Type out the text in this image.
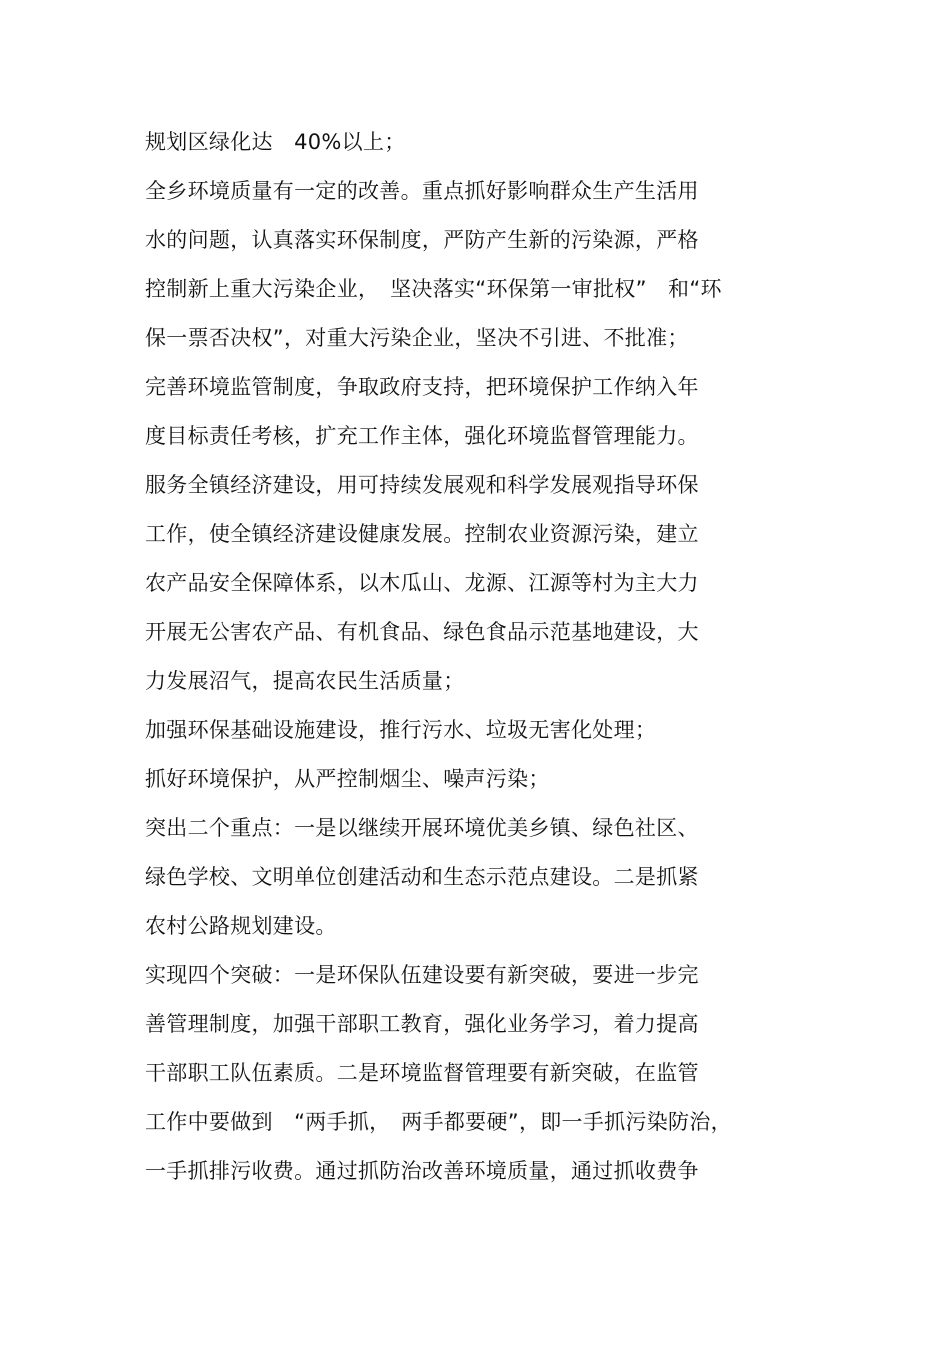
规划区绿化达　40%以上；
全乡环境质量有一定的改善。重点抓好影响群众生产生活用
水的问题，认真落实环保制度，严防产生新的污染源，严格
控制新上重大污染企业，　坚决落实“环保第一审批权”　和“环
保一票否决权”，对重大污染企业，坚决不引进、不批准；
完善环境监管制度，争取政府支持，把环境保护工作纳入年
度目标责任考核，扩充工作主体，强化环境监督管理能力。
服务全镇经济建设，用可持续发展观和科学发展观指导环保
工作，使全镇经济建设健康发展。控制农业资源污染，建立
农产品安全保障体系，以木瓜山、龙源、江源等村为主大力
开展无公害农产品、有机食品、绿色食品示范基地建设，大
力发展沼气，提高农民生活质量；
加强环保基础设施建设，推行污水、垃圾无害化处理；
抓好环境保护，从严控制烟尘、噪声污染；
突出二个重点：一是以继续开展环境优美乡镇、绿色社区、
绿色学校、文明单位创建活动和生态示范点建设。二是抓紧
农村公路规划建设。
实现四个突破：一是环保队伍建设要有新突破，要进一步完
善管理制度，加强干部职工教育，强化业务学习，着力提高
干部职工队伍素质。二是环境监督管理要有新突破，在监管
工作中要做到　“两手抓，　两手都要硬”，即一手抓污染防治，
一手抓排污收费。通过抓防治改善环境质量，通过抓收费争
